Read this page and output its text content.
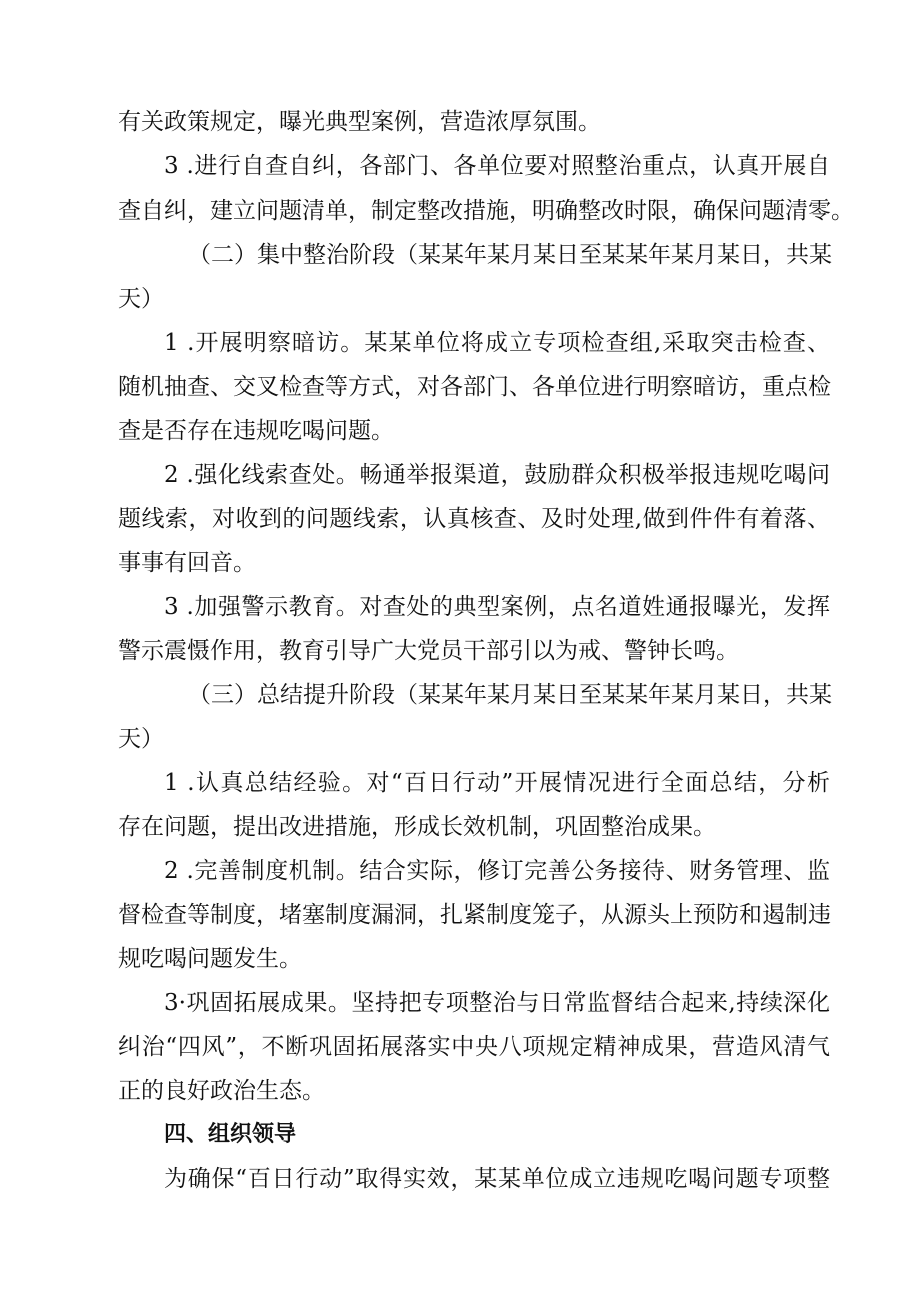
有关政策规定，曝光典型案例，营造浓厚氛围。
3 .进行自查自纠，各部门、各单位要对照整治重点，认真开展自
查自纠，建立问题清单，制定整改措施，明确整改时限，确保问题清零。
（二）集中整治阶段（某某年某月某日至某某年某月某日，共某
天）
1 .开展明察暗访。某某单位将成立专项检查组,采取突击检查、
随机抽查、交叉检查等方式，对各部门、各单位进行明察暗访，重点检
查是否存在违规吃喝问题。
2 .强化线索查处。畅通举报渠道，鼓励群众积极举报违规吃喝问
题线索，对收到的问题线索，认真核查、及时处理,做到件件有着落、
事事有回音。
3 .加强警示教育。对查处的典型案例，点名道姓通报曝光，发挥
警示震慑作用，教育引导广大党员干部引以为戒、警钟长鸣。
（三）总结提升阶段（某某年某月某日至某某年某月某日，共某
天）
1 .认真总结经验。对“百日行动”开展情况进行全面总结，分析
存在问题，提出改进措施，形成长效机制，巩固整治成果。
2 .完善制度机制。结合实际，修订完善公务接待、财务管理、监
督检查等制度，堵塞制度漏洞，扎紧制度笼子，从源头上预防和遏制违
规吃喝问题发生。
3·巩固拓展成果。坚持把专项整治与日常监督结合起来,持续深化
纠治“四风”，不断巩固拓展落实中央八项规定精神成果，营造风清气
正的良好政治生态。
四、组织领导
为确保“百日行动”取得实效，某某单位成立违规吃喝问题专项整
